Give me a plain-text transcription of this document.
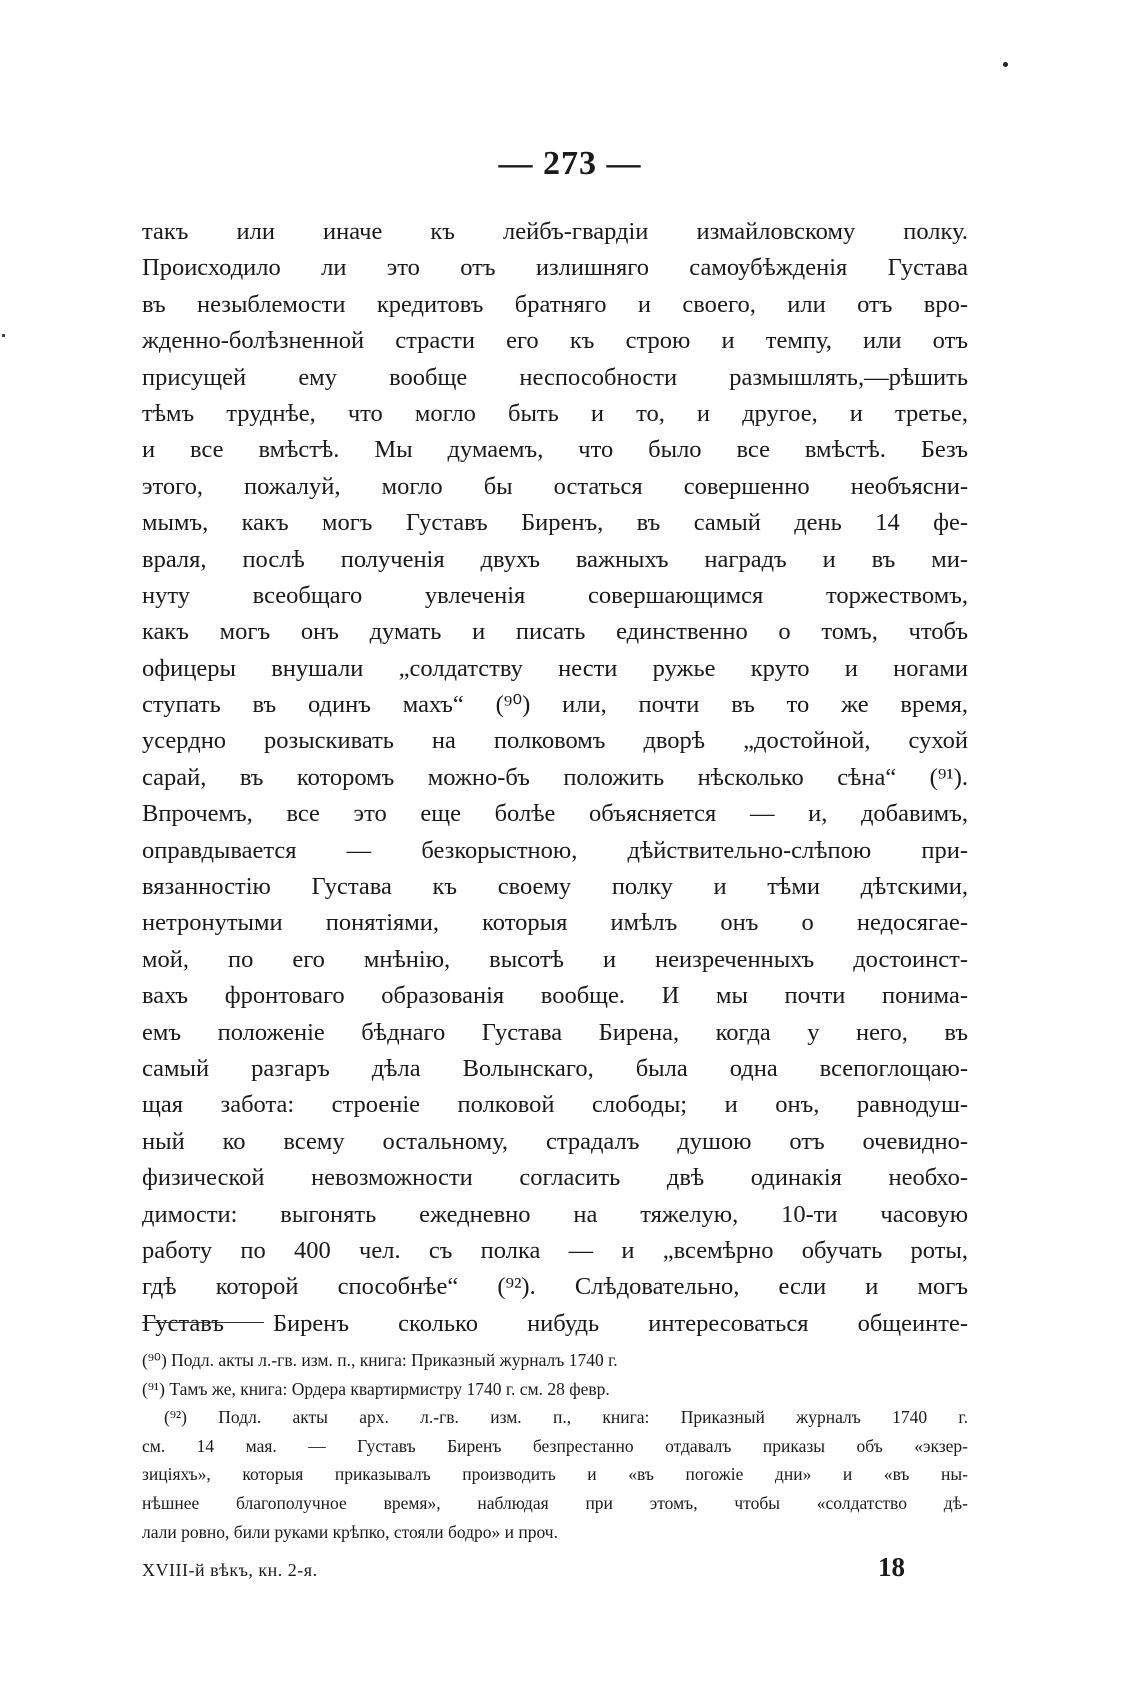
— 273 —
такъ или иначе къ лейбъ-гвардіи измайловскому полку.
Происходило ли это отъ излишняго самоубѣжденія Густава
въ незыблемости кредитовъ братняго и своего, или отъ вро-
жденно-болѣзненной страсти его къ строю и темпу, или отъ
присущей ему вообще неспособности размышлять,—рѣшить
тѣмъ труднѣе, что могло быть и то, и другое, и третье,
и все вмѣстѣ. Мы думаемъ, что было все вмѣстѣ. Безъ
этого, пожалуй, могло бы остаться совершенно необъясни-
мымъ, какъ могъ Густавъ Биренъ, въ самый день 14 фе-
враля, послѣ полученія двухъ важныхъ наградъ и въ ми-
нуту всеобщаго увлеченія совершающимся торжествомъ,
какъ могъ онъ думать и писать единственно о томъ, чтобъ
офицеры внушали „солдатству нести ружье круто и ногами
ступать въ одинъ махъ“ (⁹⁰) или, почти въ то же время,
усердно розыскивать на полковомъ дворѣ „достойной, сухой
сарай, въ которомъ можно-бъ положить нѣсколько сѣна“ (⁹¹).
Впрочемъ, все это еще болѣе объясняется — и, добавимъ,
оправдывается — безкорыстною, дѣйствительно-слѣпою при-
вязанностію Густава къ своему полку и тѣми дѣтскими,
нетронутыми понятіями, которыя имѣлъ онъ о недосягае-
мой, по его мнѣнію, высотѣ и неизреченныхъ достоинст-
вахъ фронтоваго образованія вообще. И мы почти понима-
емъ положеніе бѣднаго Густава Бирена, когда у него, въ
самый разгаръ дѣла Волынскаго, была одна всепоглощаю-
щая забота: строеніе полковой слободы; и онъ, равнодуш-
ный ко всему остальному, страдалъ душою отъ очевидно-
физической невозможности согласить двѣ одинакія необхо-
димости: выгонять ежедневно на тяжелую, 10-ти часовую
работу по 400 чел. съ полка — и „всемѣрно обучать роты,
гдѣ которой способнѣе“ (⁹²). Слѣдовательно, если и могъ
Густавъ Биренъ сколько нибудь интересоваться общеинте-
(⁹⁰) Подл. акты л.-гв. изм. п., книга: Приказный журналъ 1740 г.
(⁹¹) Тамъ же, книга: Ордера квартирмистру 1740 г. см. 28 февр.
(⁹²) Подл. акты арх. л.-гв. изм. п., книга: Приказный журналъ 1740 г.
см. 14 мая. — Густавъ Биренъ безпрестанно отдавалъ приказы объ «экзер-
зиціяхъ», которыя приказывалъ производить и «въ погожіе дни» и «въ ны-
нѣшнее благополучное время», наблюдая при этомъ, чтобы «солдатство дѣ-
лали ровно, били руками крѣпко, стояли бодро» и проч.
XVIII-й вѣкъ, кн. 2-я.	18
